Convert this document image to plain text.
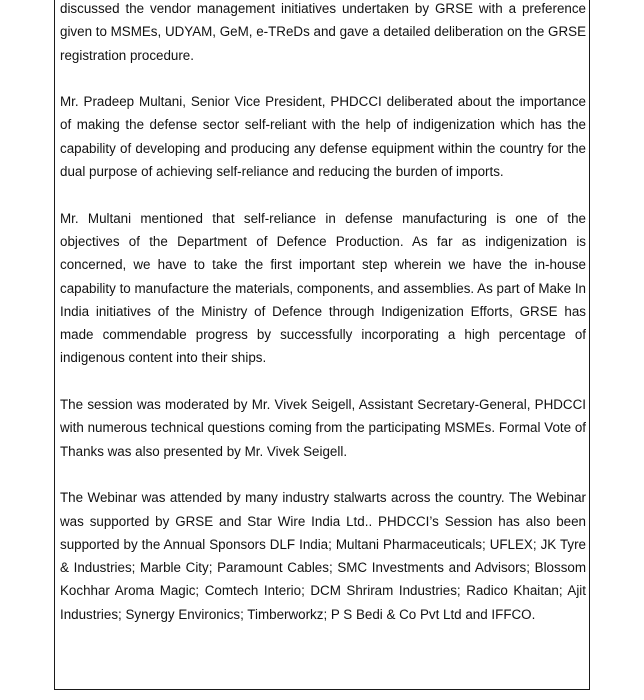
discussed the vendor management initiatives undertaken by GRSE with a preference given to MSMEs, UDYAM, GeM, e-TReDs and gave a detailed deliberation on the GRSE registration procedure.

Mr. Pradeep Multani, Senior Vice President, PHDCCI deliberated about the importance of making the defense sector self-reliant with the help of indigenization which has the capability of developing and producing any defense equipment within the country for the dual purpose of achieving self-reliance and reducing the burden of imports.

Mr. Multani mentioned that self-reliance in defense manufacturing is one of the objectives of the Department of Defence Production. As far as indigenization is concerned, we have to take the first important step wherein we have the in-house capability to manufacture the materials, components, and assemblies. As part of Make In India initiatives of the Ministry of Defence through Indigenization Efforts, GRSE has made commendable progress by successfully incorporating a high percentage of indigenous content into their ships.

The session was moderated by Mr. Vivek Seigell, Assistant Secretary-General, PHDCCI with numerous technical questions coming from the participating MSMEs. Formal Vote of Thanks was also presented by Mr. Vivek Seigell.

The Webinar was attended by many industry stalwarts across the country. The Webinar was supported by GRSE and Star Wire India Ltd.. PHDCCI’s Session has also been supported by the Annual Sponsors DLF India; Multani Pharmaceuticals; UFLEX; JK Tyre & Industries; Marble City; Paramount Cables; SMC Investments and Advisors; Blossom Kochhar Aroma Magic; Comtech Interio; DCM Shriram Industries; Radico Khaitan; Ajit Industries; Synergy Environics; Timberworkz; P S Bedi & Co Pvt Ltd and IFFCO.
